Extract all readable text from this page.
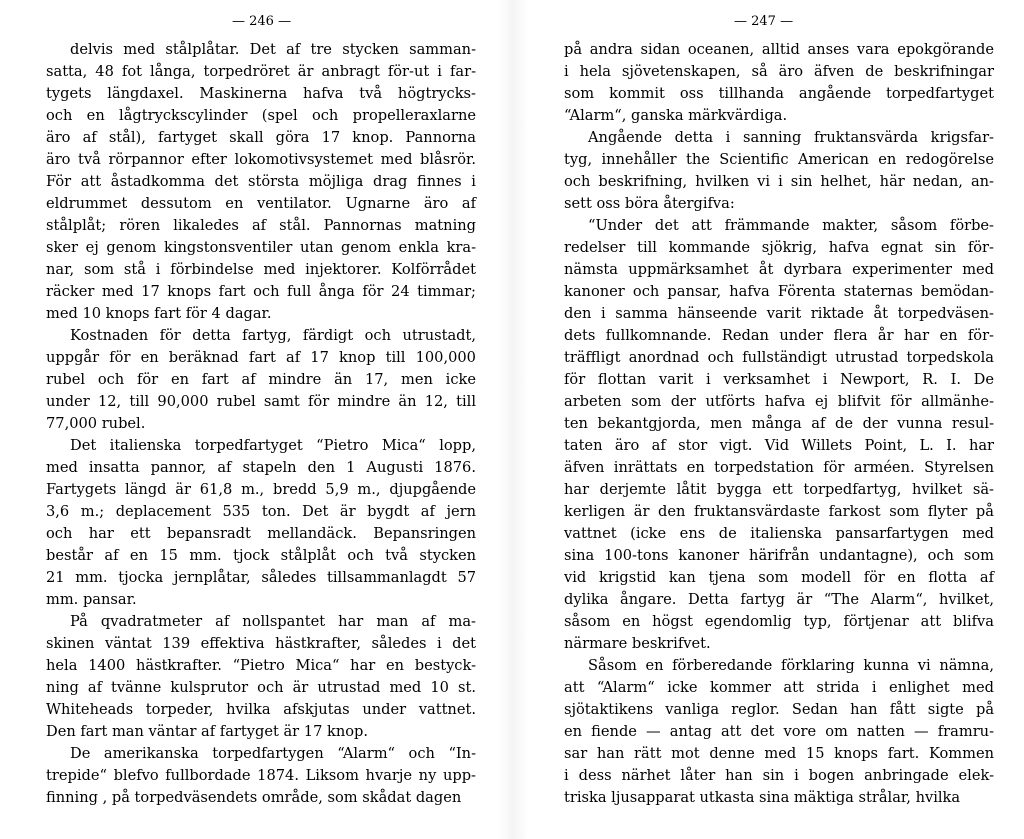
— 246 —
delvis med stålplåtar. Det af tre stycken samman-
satta, 48 fot långa, torpedröret är anbragt för-ut i far-
tygets längdaxel. Maskinerna hafva två högtrycks-
och en lågtryckscylinder (spel och propelleraxlarne
äro af stål), fartyget skall göra 17 knop. Pannorna
äro två rörpannor efter lokomotivsystemet med blåsrör.
För att åstadkomma det största möjliga drag finnes i
eldrummet dessutom en ventilator. Ugnarne äro af
stålplåt; rören likaledes af stål. Pannornas matning
sker ej genom kingstonsventiler utan genom enkla kra-
nar, som stå i förbindelse med injektorer. Kolförrådet
räcker med 17 knops fart och full ånga för 24 timmar;
med 10 knops fart för 4 dagar.
Kostnaden för detta fartyg, färdigt och utrustadt,
uppgår för en beräknad fart af 17 knop till 100,000
rubel och för en fart af mindre än 17, men icke
under 12, till 90,000 rubel samt för mindre än 12, till
77,000 rubel.
Det italienska torpedfartyget “Pietro Mica“ lopp,
med insatta pannor, af stapeln den 1 Augusti 1876.
Fartygets längd är 61,8 m., bredd 5,9 m., djupgående
3,6 m.; deplacement 535 ton. Det är bygdt af jern
och har ett bepansradt mellandäck. Bepansringen
består af en 15 mm. tjock stålplåt och två stycken
21 mm. tjocka jernplåtar, således tillsammanlagdt 57
mm. pansar.
På qvadratmeter af nollspantet har man af ma-
skinen väntat 139 effektiva hästkrafter, således i det
hela 1400 hästkrafter. “Pietro Mica“ har en bestyck-
ning af tvänne kulsprutor och är utrustad med 10 st.
Whiteheads torpeder, hvilka afskjutas under vattnet.
Den fart man väntar af fartyget är 17 knop.
De amerikanska torpedfartygen “Alarm“ och “In-
trepide“ blefvo fullbordade 1874. Liksom hvarje ny upp-
finning , på torpedväsendets område, som skådat dagen
— 247 —
på andra sidan oceanen, alltid anses vara epokgörande
i hela sjövetenskapen, så äro äfven de beskrifningar
som kommit oss tillhanda angående torpedfartyget
“Alarm“, ganska märkvärdiga.
Angående detta i sanning fruktansvärda krigsfar-
tyg, innehåller the Scientific American en redogörelse
och beskrifning, hvilken vi i sin helhet, här nedan, an-
sett oss böra återgifva:
“Under det att främmande makter, såsom förbe-
redelser till kommande sjökrig, hafva egnat sin för-
nämsta uppmärksamhet åt dyrbara experimenter med
kanoner och pansar, hafva Förenta staternas bemödan-
den i samma hänseende varit riktade åt torpedväsen-
dets fullkomnande. Redan under flera år har en för-
träffligt anordnad och fullständigt utrustad torpedskola
för flottan varit i verksamhet i Newport, R. I. De
arbeten som der utförts hafva ej blifvit för allmänhe-
ten bekantgjorda, men många af de der vunna resul-
taten äro af stor vigt. Vid Willets Point, L. I. har
äfven inrättats en torpedstation för arméen. Styrelsen
har derjemte låtit bygga ett torpedfartyg, hvilket sä-
kerligen är den fruktansvärdaste farkost som flyter på
vattnet (icke ens de italienska pansarfartygen med
sina 100-tons kanoner härifrån undantagne), och som
vid krigstid kan tjena som modell för en flotta af
dylika ångare. Detta fartyg är “The Alarm“, hvilket,
såsom en högst egendomlig typ, förtjenar att blifva
närmare beskrifvet.
Såsom en förberedande förklaring kunna vi nämna,
att “Alarm“ icke kommer att strida i enlighet med
sjötaktikens vanliga reglor. Sedan han fått sigte på
en fiende — antag att det vore om natten — framru-
sar han rätt mot denne med 15 knops fart. Kommen
i dess närhet låter han sin i bogen anbringade elek-
triska ljusapparat utkasta sina mäktiga strålar, hvilka
